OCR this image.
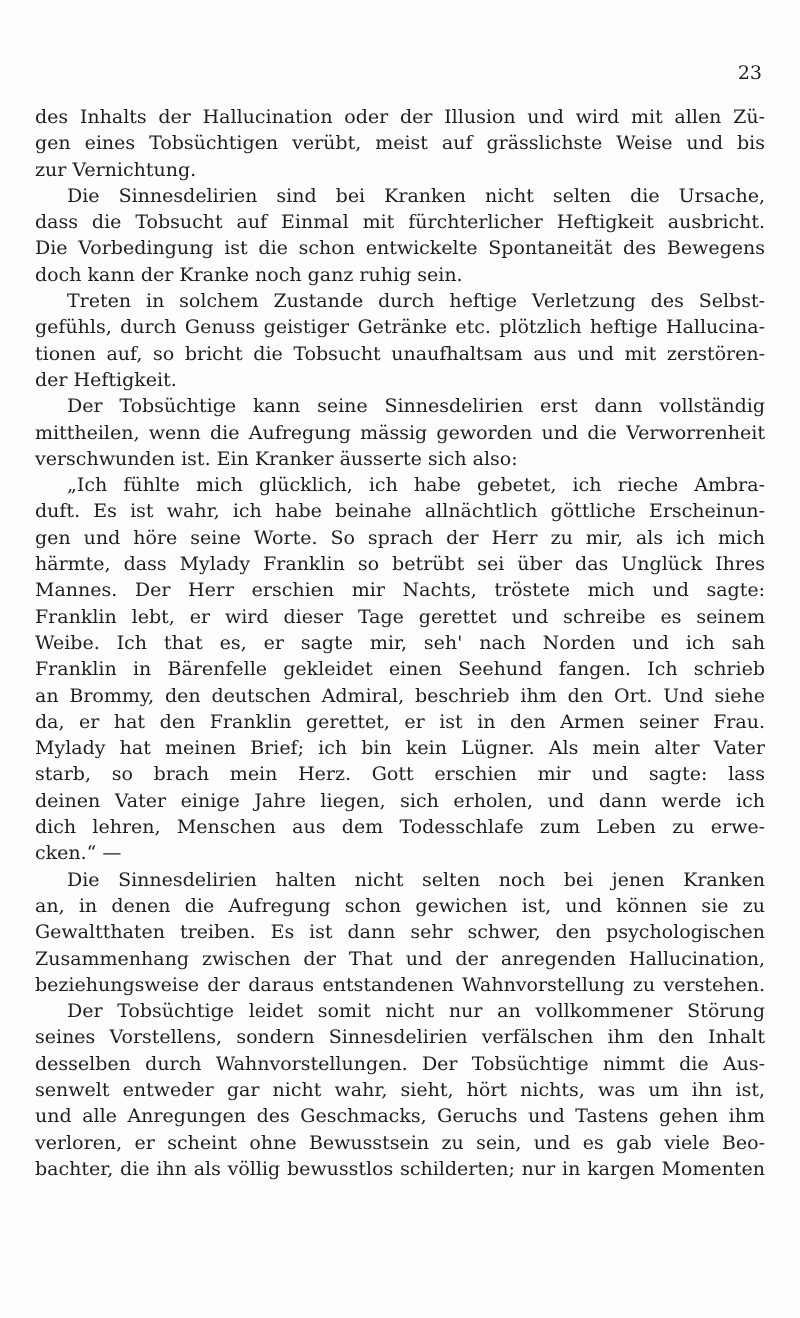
23
des Inhalts der Hallucination oder der Illusion und wird mit allen Zü-
gen eines Tobsüchtigen verübt, meist auf grässlichste Weise und bis
zur Vernichtung.
Die Sinnesdelirien sind bei Kranken nicht selten die Ursache,
dass die Tobsucht auf Einmal mit fürchterlicher Heftigkeit ausbricht.
Die Vorbedingung ist die schon entwickelte Spontaneität des Bewegens
doch kann der Kranke noch ganz ruhig sein.
Treten in solchem Zustande durch heftige Verletzung des Selbst-
gefühls, durch Genuss geistiger Getränke etc. plötzlich heftige Hallucina-
tionen auf, so bricht die Tobsucht unaufhaltsam aus und mit zerstören-
der Heftigkeit.
Der Tobsüchtige kann seine Sinnesdelirien erst dann vollständig
mittheilen, wenn die Aufregung mässig geworden und die Verworrenheit
verschwunden ist. Ein Kranker äusserte sich also:
„Ich fühlte mich glücklich, ich habe gebetet, ich rieche Ambra-
duft. Es ist wahr, ich habe beinahe allnächtlich göttliche Erscheinun-
gen und höre seine Worte. So sprach der Herr zu mir, als ich mich
härmte, dass Mylady Franklin so betrübt sei über das Unglück Ihres
Mannes. Der Herr erschien mir Nachts, tröstete mich und sagte:
Franklin lebt, er wird dieser Tage gerettet und schreibe es seinem
Weibe. Ich that es, er sagte mir, seh' nach Norden und ich sah
Franklin in Bärenfelle gekleidet einen Seehund fangen. Ich schrieb
an Brommy, den deutschen Admiral, beschrieb ihm den Ort. Und siehe
da, er hat den Franklin gerettet, er ist in den Armen seiner Frau.
Mylady hat meinen Brief; ich bin kein Lügner. Als mein alter Vater
starb, so brach mein Herz. Gott erschien mir und sagte: lass
deinen Vater einige Jahre liegen, sich erholen, und dann werde ich
dich lehren, Menschen aus dem Todesschlafe zum Leben zu erwe-
cken.“ —
Die Sinnesdelirien halten nicht selten noch bei jenen Kranken
an, in denen die Aufregung schon gewichen ist, und können sie zu
Gewaltthaten treiben. Es ist dann sehr schwer, den psychologischen
Zusammenhang zwischen der That und der anregenden Hallucination,
beziehungsweise der daraus entstandenen Wahnvorstellung zu verstehen.
Der Tobsüchtige leidet somit nicht nur an vollkommener Störung
seines Vorstellens, sondern Sinnesdelirien verfälschen ihm den Inhalt
desselben durch Wahnvorstellungen. Der Tobsüchtige nimmt die Aus-
senwelt entweder gar nicht wahr, sieht, hört nichts, was um ihn ist,
und alle Anregungen des Geschmacks, Geruchs und Tastens gehen ihm
verloren, er scheint ohne Bewusstsein zu sein, und es gab viele Beo-
bachter, die ihn als völlig bewusstlos schilderten; nur in kargen Momenten
